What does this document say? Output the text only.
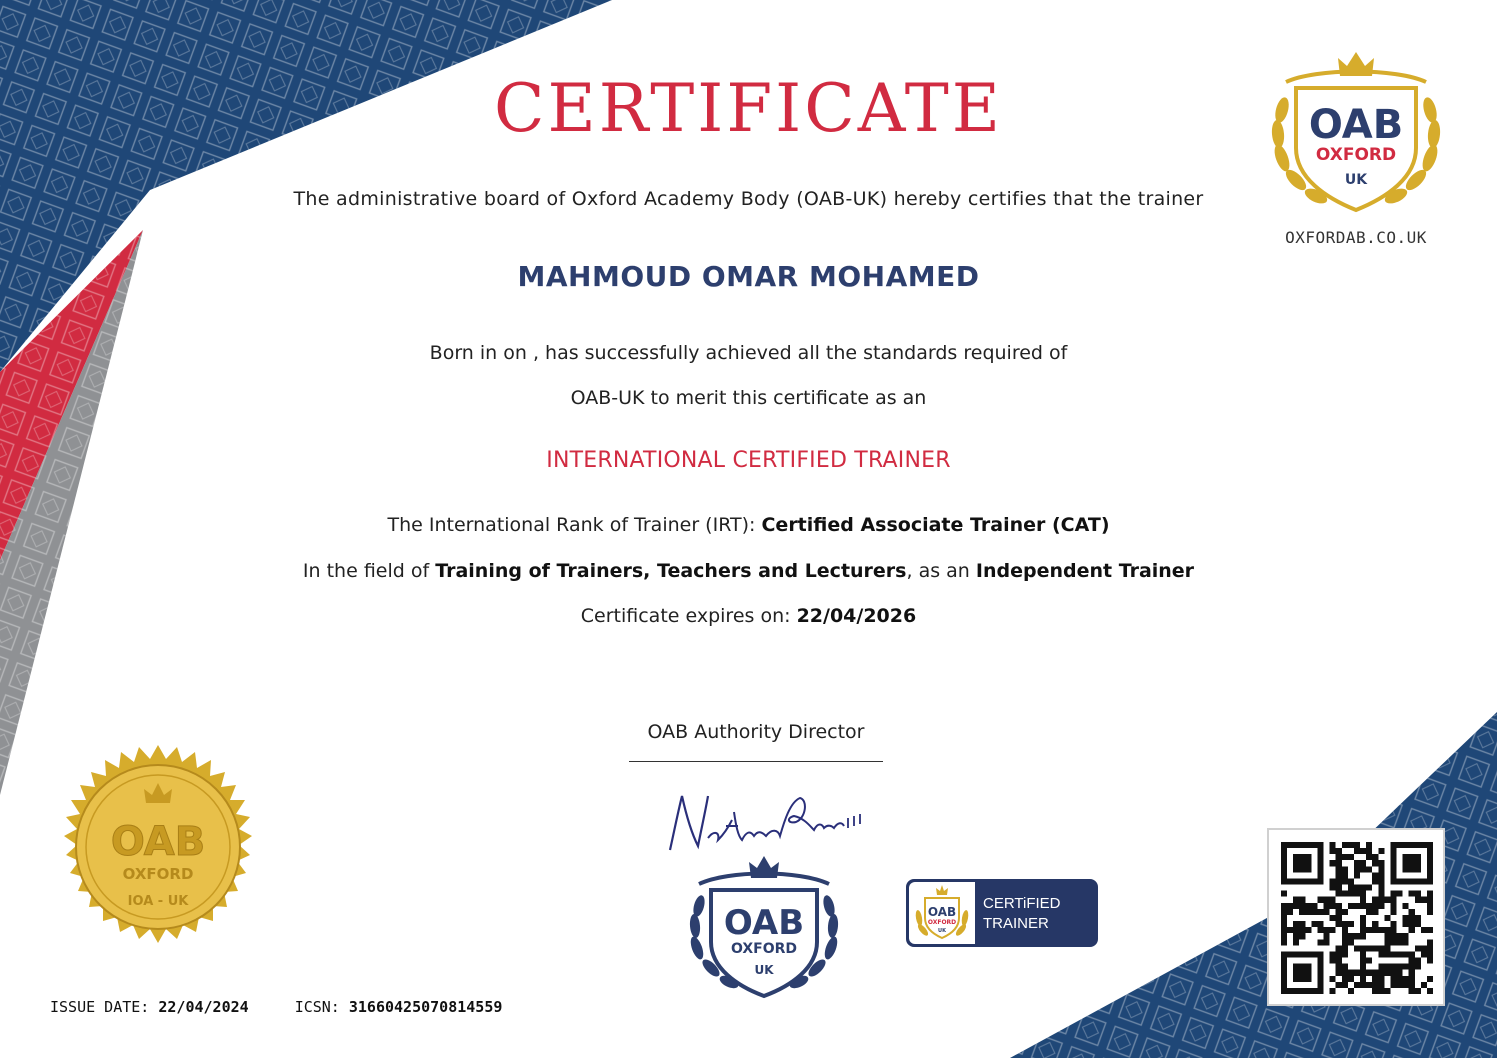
CERTIFICATE
The administrative board of Oxford Academy Body (OAB-UK) hereby certifies that the trainer
MAHMOUD OMAR MOHAMED
Born in on , has successfully achieved all the standards required of
OAB-UK to merit this certificate as an
INTERNATIONAL CERTIFIED TRAINER
The International Rank of Trainer (IRT): Certified Associate Trainer (CAT)
In the field of Training of Trainers, Teachers and Lecturers, as an Independent Trainer
Certificate expires on: 22/04/2026
OAB Authority Director
OAB
OXFORD
UK
OXFORDAB.CO.UK
OAB
OXFORD
IOA - UK
OAB
OXFORD
UK
OAB
OXFORD
UK
CERTiFIED
TRAINER
ISSUE DATE: 22/04/2024	ICSN: 31660425070814559
